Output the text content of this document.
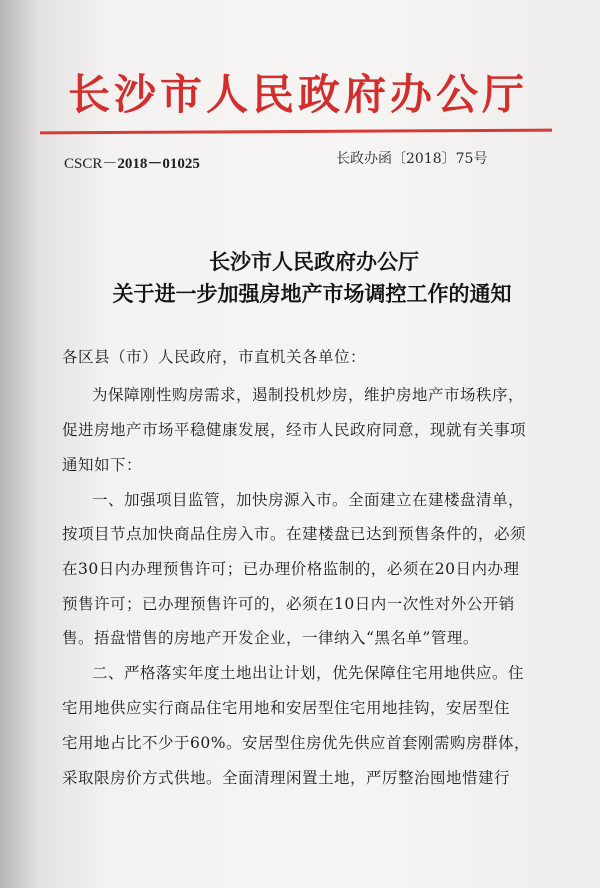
长沙市人民政府办公厅
CSCR－2018－01025	长政办函〔2018〕75号
长沙市人民政府办公厅
关于进一步加强房地产市场调控工作的通知
各区县（市）人民政府，市直机关各单位：
为保障刚性购房需求，遏制投机炒房，维护房地产市场秩序，
促进房地产市场平稳健康发展，经市人民政府同意，现就有关事项
通知如下：
一、加强项目监管，加快房源入市。全面建立在建楼盘清单，
按项目节点加快商品住房入市。在建楼盘已达到预售条件的，必须
在30日内办理预售许可；已办理价格监制的，必须在20日内办理
预售许可；已办理预售许可的，必须在10日内一次性对外公开销
售。捂盘惜售的房地产开发企业，一律纳入“黑名单”管理。
二、严格落实年度土地出让计划，优先保障住宅用地供应。住
宅用地供应实行商品住宅用地和安居型住宅用地挂钩，安居型住
宅用地占比不少于60%。安居型住房优先供应首套刚需购房群体，
采取限房价方式供地。全面清理闲置土地，严厉整治囤地惜建行
